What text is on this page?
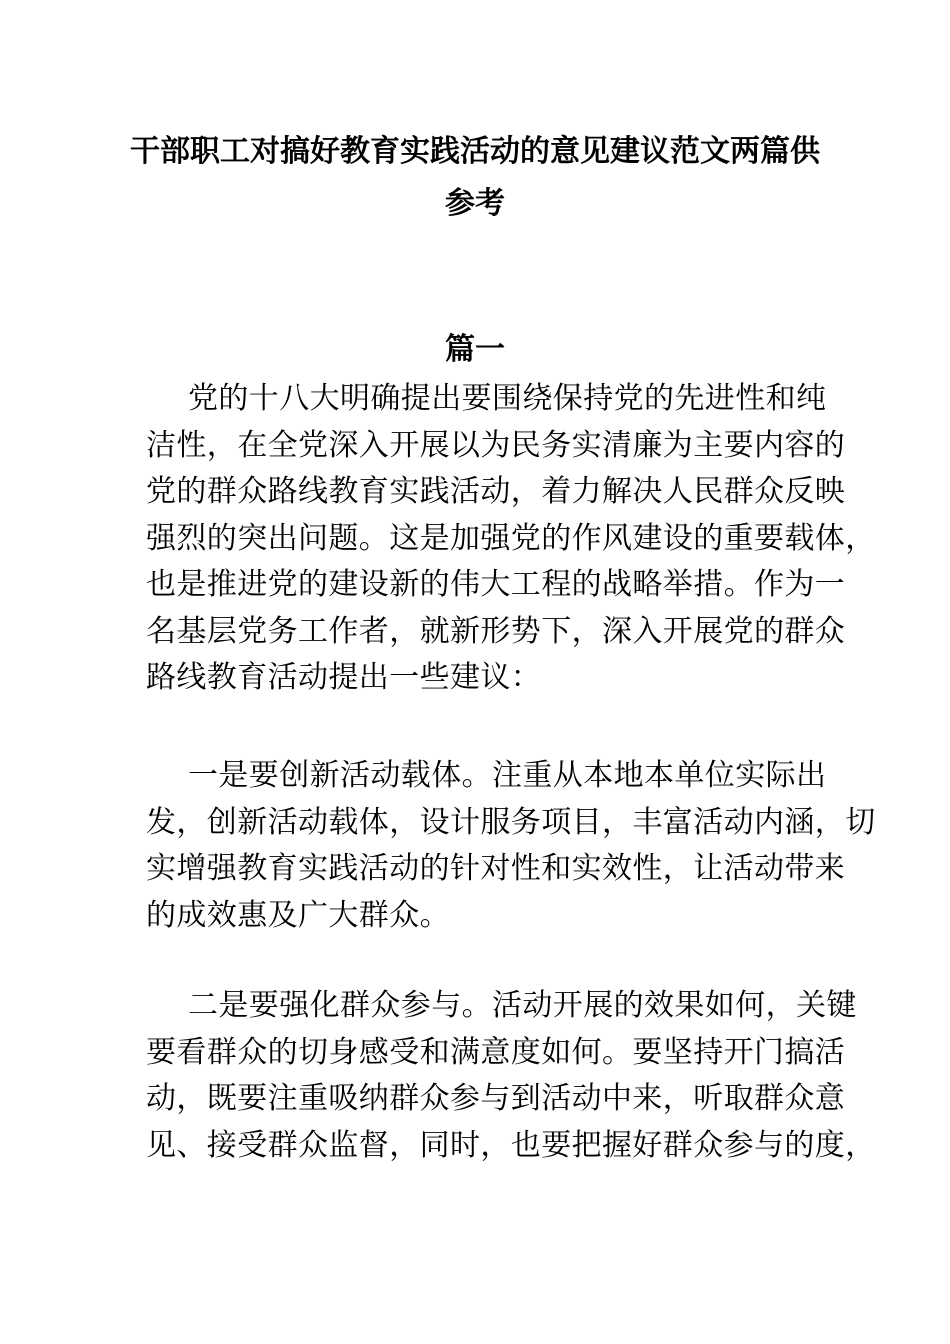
干部职工对搞好教育实践活动的意见建议范文两篇供
参考
篇一
党的十八大明确提出要围绕保持党的先进性和纯
洁性，在全党深入开展以为民务实清廉为主要内容的
党的群众路线教育实践活动，着力解决人民群众反映
强烈的突出问题。这是加强党的作风建设的重要载体，
也是推进党的建设新的伟大工程的战略举措。作为一
名基层党务工作者，就新形势下，深入开展党的群众
路线教育活动提出一些建议：
一是要创新活动载体。注重从本地本单位实际出
发，创新活动载体，设计服务项目，丰富活动内涵，切
实增强教育实践活动的针对性和实效性，让活动带来
的成效惠及广大群众。
二是要强化群众参与。活动开展的效果如何，关键
要看群众的切身感受和满意度如何。要坚持开门搞活
动，既要注重吸纳群众参与到活动中来，听取群众意
见、接受群众监督，同时，也要把握好群众参与的度，
